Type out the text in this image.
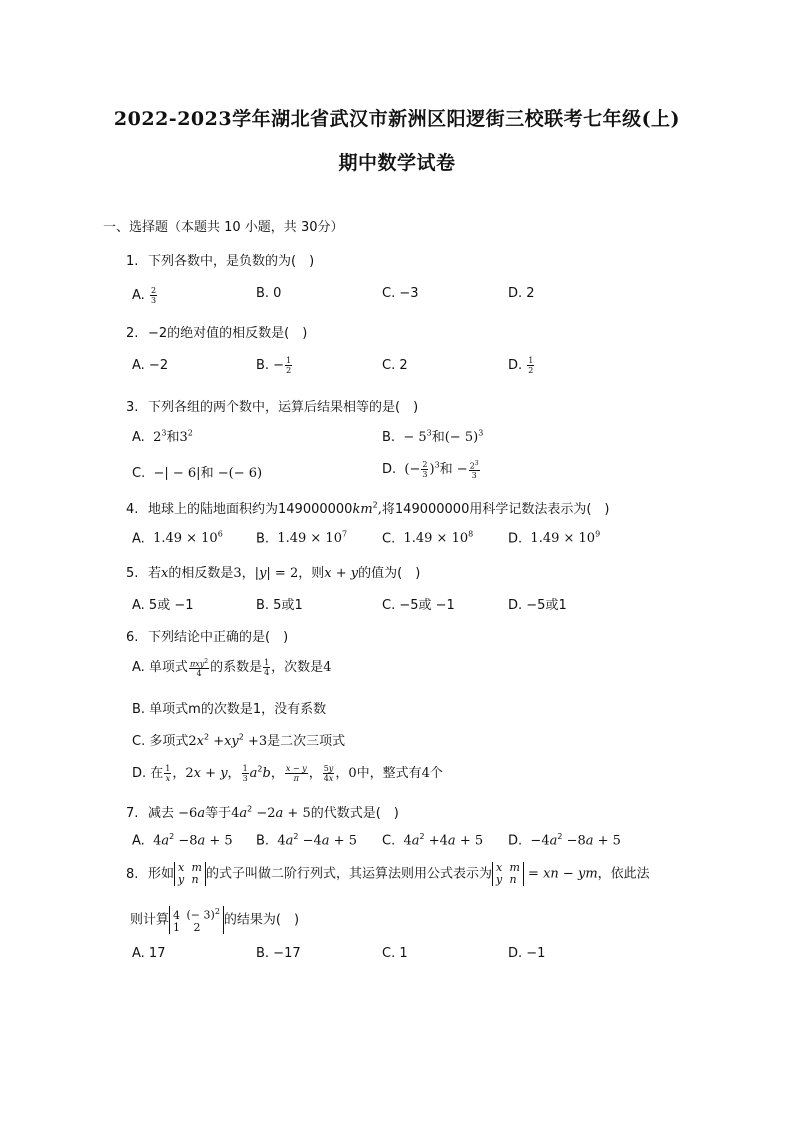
2022-2023学年湖北省武汉市新洲区阳逻街三校联考七年级(上)
期中数学试卷
一、选择题（本题共 10 小题，共 30分）
1. 下列各数中，是负数的为(　)
A. $\frac{2}{3}$	B. 0	C. −3	D. 2
2. −2的绝对值的相反数是(　)
A. −2	B. − $\frac{1}{2}$	C. 2	D. $\frac{1}{2}$
3. 下列各组的两个数中，运算后结果相等的是(　)
A.  $2^3$和$3^2$	B.  − $5^3$和(− 5)$^3$
C.  −| − 6|和 −(− 6)	D.  (− $\frac{2}{3} )^3$和 − $\frac{2^3}{3}$
4. 地球上的陆地面积约为$149000000km^2$,将149000000用科学记数法表示为(　)
A.  $1.49 \times 10^6$	B.  $1.49 \times 10^7$	C.  $1.49 \times 10^8$	D.  $1.49 \times 10^9$
5. 若x的相反数是3，|y| = 2，则x + y的值为(　)
A. 5或 −1	B. 5或1	C. −5或 −1	D. −5或1
6. 下列结论中正确的是(　)
A. 单项式 $\frac{\pi xy^2}{4}$ 的系数是 $\frac{1}{4}$ ，次数是4
B. 单项式m的次数是1，没有系数
C. 多项式$2x^2 +xy^2 +3$是二次三项式
D. 在 $\frac{1}{x}$ ，2x + y， $\frac{1}{3} a^2b$， $\frac{x - y}{\pi}$ ， $\frac{5y}{4x}$ ，0中，整式有4个
7. 减去 −6a等于$4a^2 -2a + 5$的代数式是(　)
A.  $4a^2 -8a + 5$ B.  $4a^2 -4a + 5$ C.  $4a^2 +4a + 5$ D.  $-4a^2 -8a + 5$
8. 形如 x m
y n 的式子叫做二阶行列式，其运算法则用公式表示为 x m
y n = xn − ym，依此法
则计算 4 (− 3)$^2$
1   2	的结果为(　)
A. 17	B. −17	C. 1	D. −1
